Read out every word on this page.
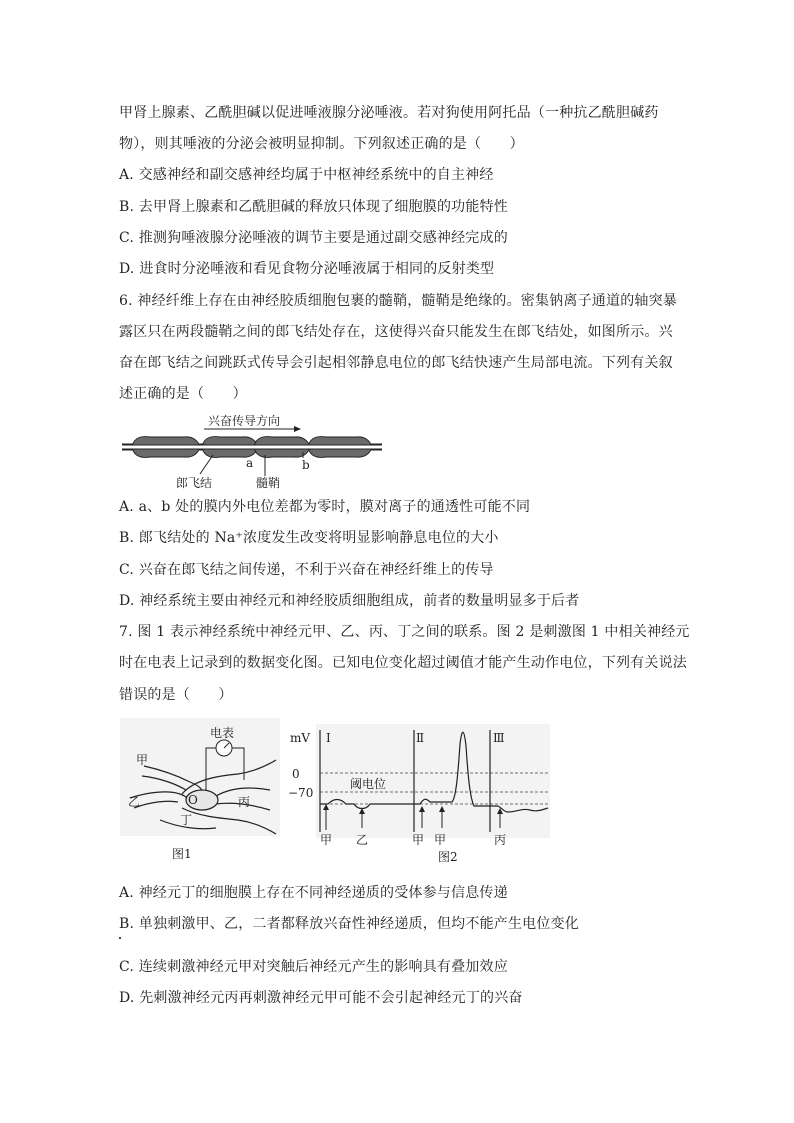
甲肾上腺素、乙酰胆碱以促进唾液腺分泌唾液。若对狗使用阿托品（一种抗乙酰胆碱药
物），则其唾液的分泌会被明显抑制。下列叙述正确的是（　　）
A. 交感神经和副交感神经均属于中枢神经系统中的自主神经
B. 去甲肾上腺素和乙酰胆碱的释放只体现了细胞膜的功能特性
C. 推测狗唾液腺分泌唾液的调节主要是通过副交感神经完成的
D. 进食时分泌唾液和看见食物分泌唾液属于相同的反射类型
6. 神经纤维上存在由神经胶质细胞包裹的髓鞘，髓鞘是绝缘的。密集钠离子通道的轴突暴
露区只在两段髓鞘之间的郎飞结处存在，这使得兴奋只能发生在郎飞结处，如图所示。兴
奋在郎飞结之间跳跃式传导会引起相邻静息电位的郎飞结快速产生局部电流。下列有关叙
述正确的是（　　）
兴奋传导方向
a	b
郎飞结	髓鞘
A. a、b 处的膜内外电位差都为零时，膜对离子的通透性可能不同
B. 郎飞结处的 Na⁺浓度发生改变将明显影响静息电位的大小
C. 兴奋在郎飞结之间传递，不利于兴奋在神经纤维上的传导
D. 神经系统主要由神经元和神经胶质细胞组成，前者的数量明显多于后者
7. 图 1 表示神经系统中神经元甲、乙、丙、丁之间的联系。图 2 是刺激图 1 中相关神经元
时在电表上记录到的数据变化图。已知电位变化超过阈值才能产生动作电位，下列有关说法
错误的是（　　）
电表
甲
乙	O	丙
丁
图1
mV
0
−70
阈电位
Ⅰ	Ⅱ	Ⅲ
甲 乙	甲 甲	丙
图2
A. 神经元丁的细胞膜上存在不同神经递质的受体参与信息传递
B. 单独刺激甲、乙，二者都释放兴奋性神经递质，但均不能产生电位变化
C. 连续刺激神经元甲对突触后神经元产生的影响具有叠加效应
D. 先刺激神经元丙再刺激神经元甲可能不会引起神经元丁的兴奋
